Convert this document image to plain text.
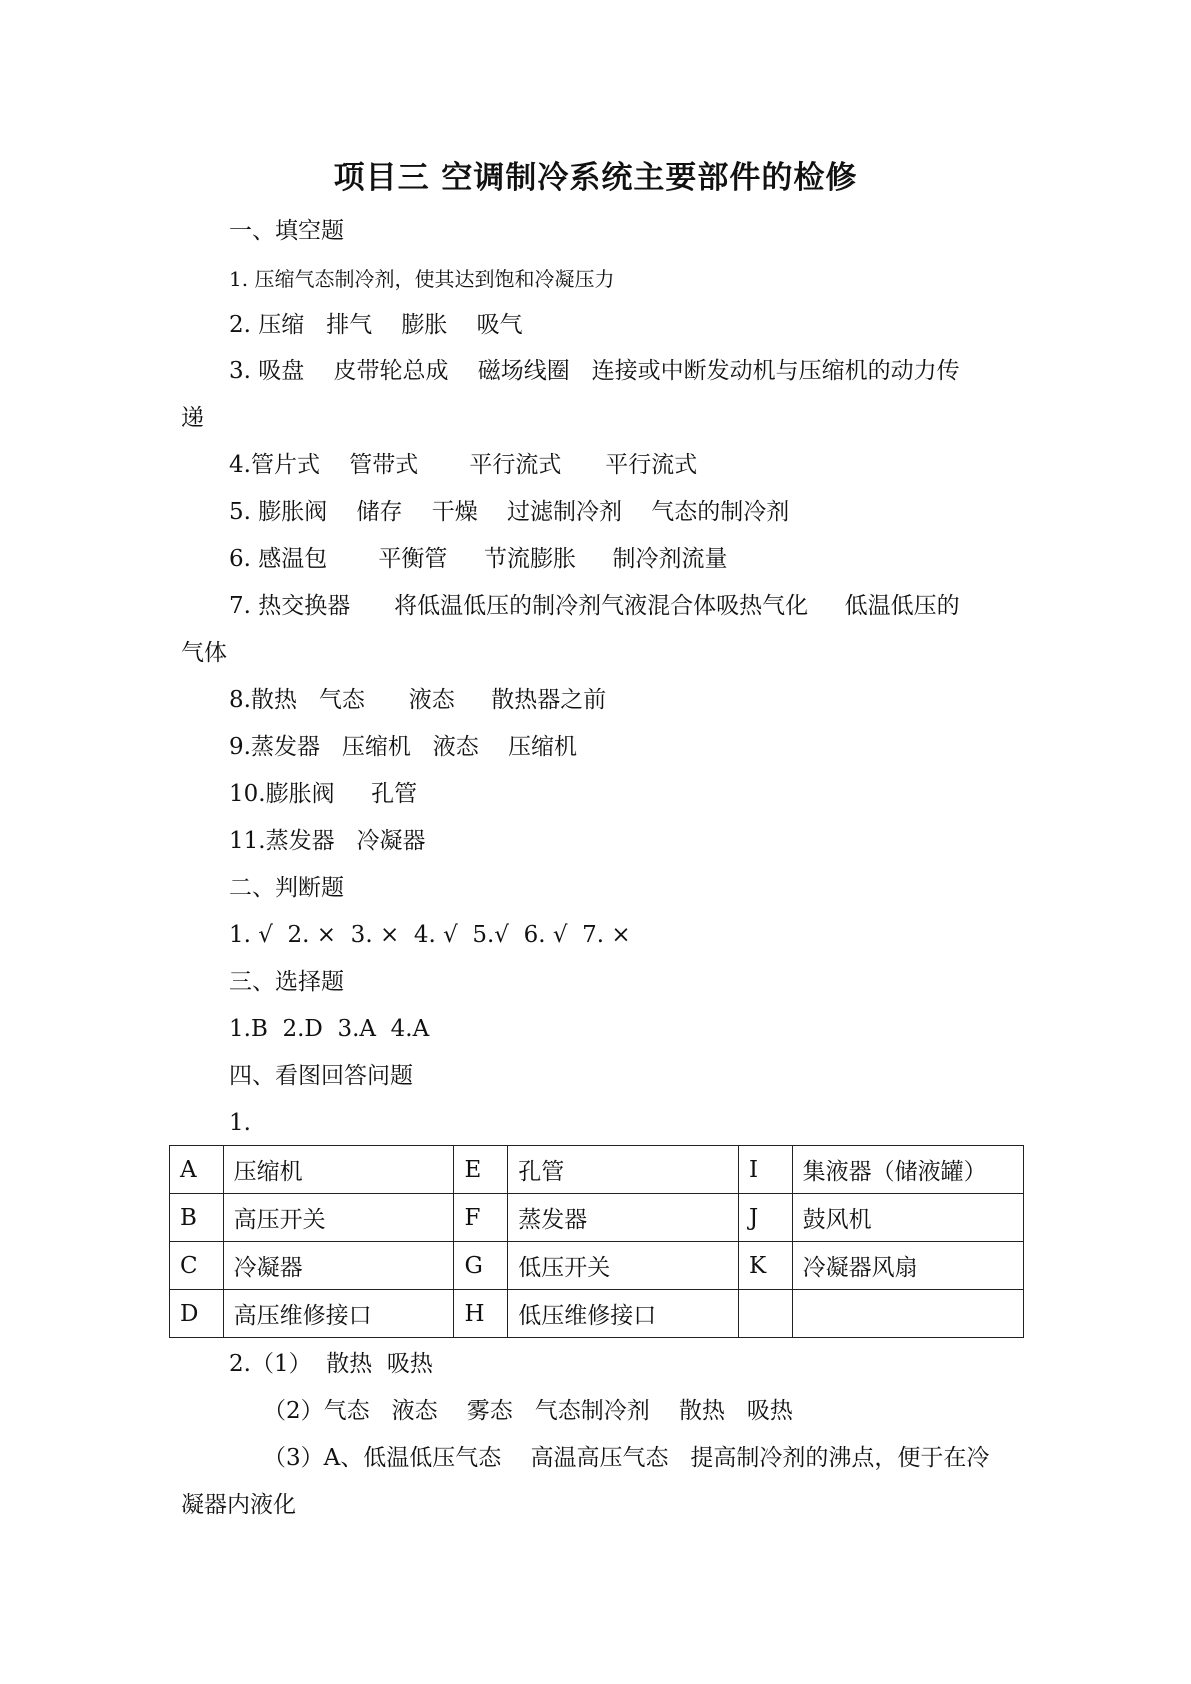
项目三 空调制冷系统主要部件的检修
一、填空题
1. 压缩气态制冷剂，使其达到饱和冷凝压力
2. 压缩   排气    膨胀    吸气
3. 吸盘    皮带轮总成    磁场线圈   连接或中断发动机与压缩机的动力传
递
4.管片式    管带式       平行流式      平行流式
5. 膨胀阀    储存    干燥    过滤制冷剂    气态的制冷剂
6. 感温包       平衡管     节流膨胀     制冷剂流量
7. 热交换器      将低温低压的制冷剂气液混合体吸热气化     低温低压的
气体
8.散热   气态      液态     散热器之前
9.蒸发器   压缩机   液态    压缩机
10.膨胀阀     孔管
11.蒸发器   冷凝器
二、判断题
1. √  2. ×  3. ×  4. √  5.√  6. √  7. ×
三、选择题
1.B  2.D  3.A  4.A
四、看图回答问题
1.
A	压缩机	E	孔管	I	集液器（储液罐）
B	高压开关	F	蒸发器	J	鼓风机
C	冷凝器	G	低压开关	K	冷凝器风扇
D	高压维修接口	H	低压维修接口		
2.（1）  散热  吸热
（2）气态   液态    雾态   气态制冷剂    散热   吸热
（3）A、低温低压气态    高温高压气态   提高制冷剂的沸点，便于在冷
凝器内液化
